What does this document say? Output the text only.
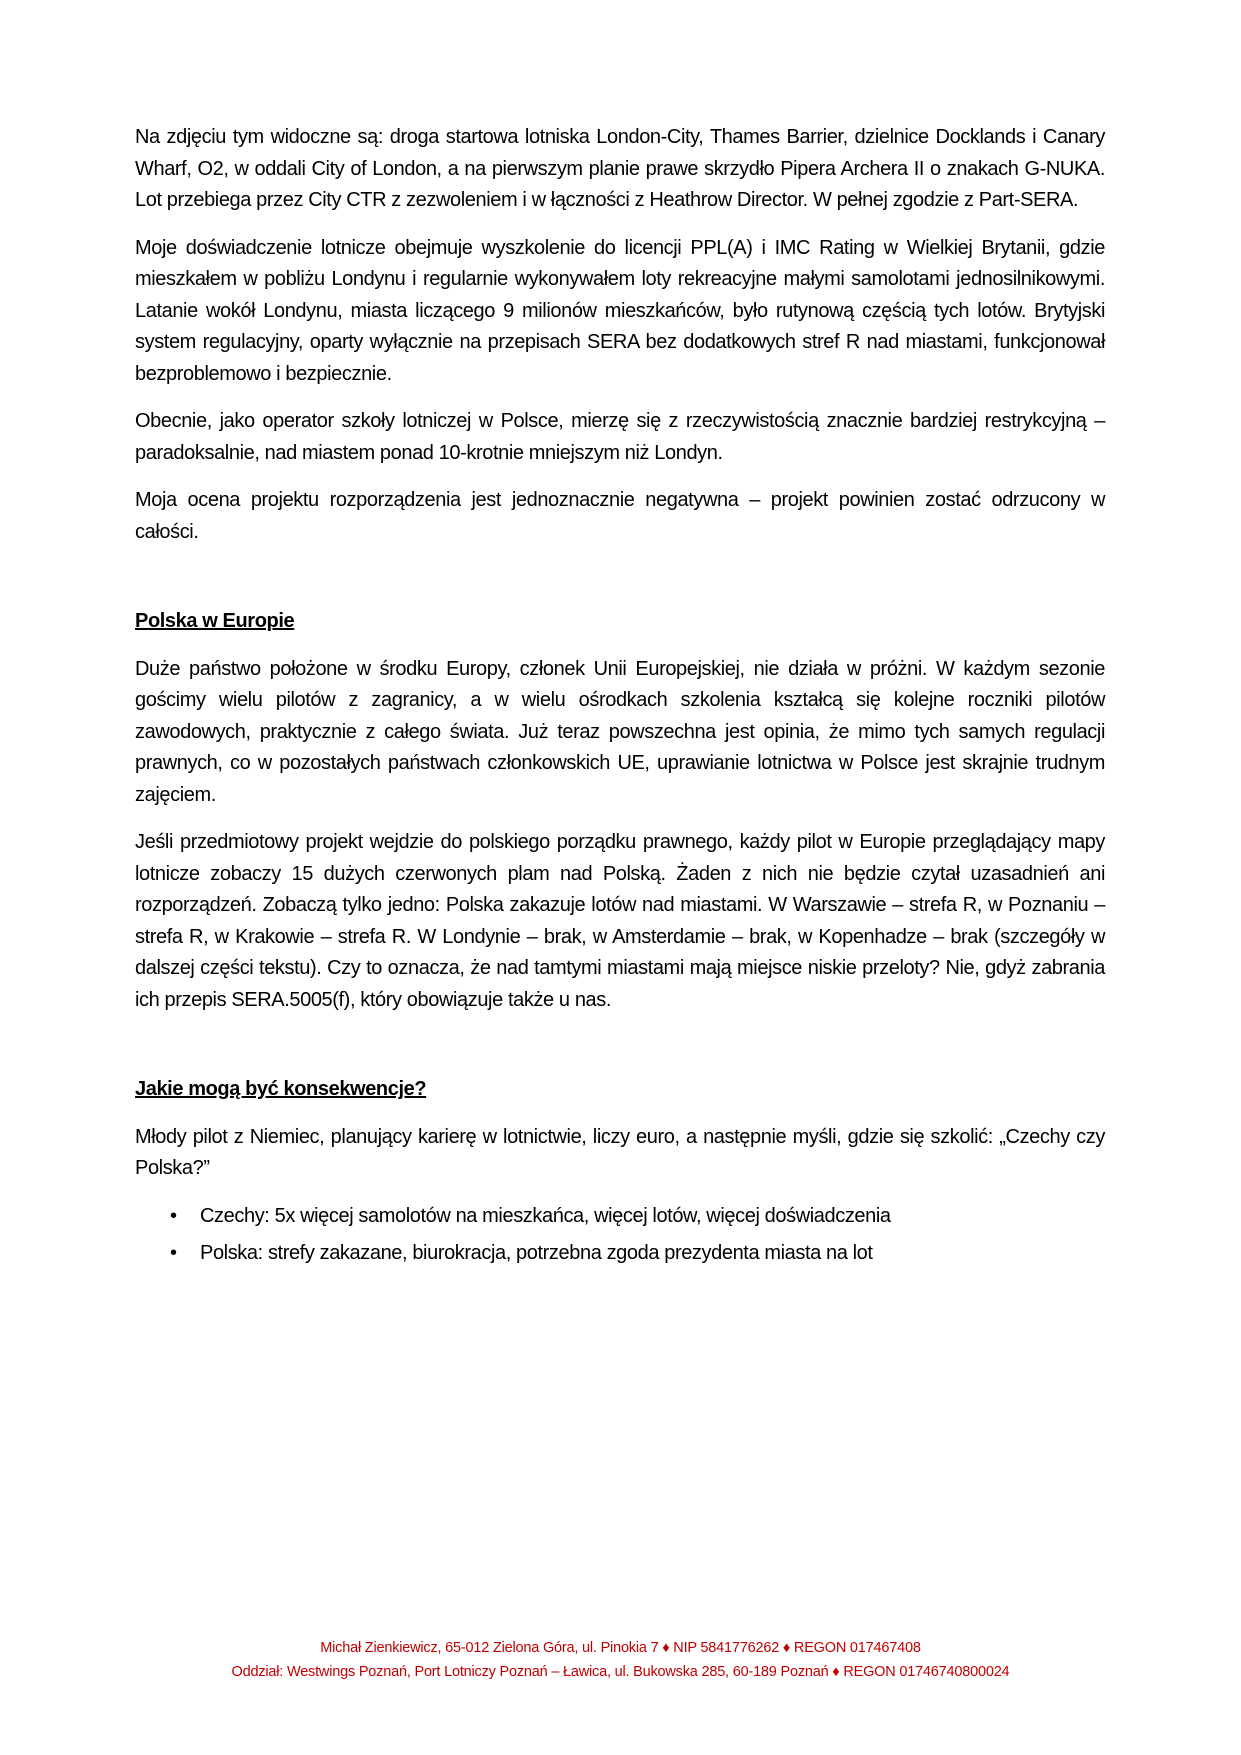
Na zdjęciu tym widoczne są: droga startowa lotniska London-City, Thames Barrier, dzielnice Docklands i Canary Wharf, O2, w oddali City of London, a na pierwszym planie prawe skrzydło Pipera Archera II o znakach G-NUKA. Lot przebiega przez City CTR z zezwoleniem i w łączności z Heathrow Director. W pełnej zgodzie z Part-SERA.

Moje doświadczenie lotnicze obejmuje wyszkolenie do licencji PPL(A) i IMC Rating w Wielkiej Brytanii, gdzie mieszkałem w pobliżu Londynu i regularnie wykonywałem loty rekreacyjne małymi samolotami jednosilnikowymi. Latanie wokół Londynu, miasta liczącego 9 milionów mieszkańców, było rutynową częścią tych lotów. Brytyjski system regulacyjny, oparty wyłącznie na przepisach SERA bez dodatkowych stref R nad miastami, funkcjonował bezproblemowo i bezpiecznie.

Obecnie, jako operator szkoły lotniczej w Polsce, mierzę się z rzeczywistością znacznie bardziej restrykcyjną – paradoksalnie, nad miastem ponad 10-krotnie mniejszym niż Londyn.

Moja ocena projektu rozporządzenia jest jednoznacznie negatywna – projekt powinien zostać odrzucony w całości.

Polska w Europie

Duże państwo położone w środku Europy, członek Unii Europejskiej, nie działa w próżni. W każdym sezonie gościmy wielu pilotów z zagranicy, a w wielu ośrodkach szkolenia kształcą się kolejne roczniki pilotów zawodowych, praktycznie z całego świata. Już teraz powszechna jest opinia, że mimo tych samych regulacji prawnych, co w pozostałych państwach członkowskich UE, uprawianie lotnictwa w Polsce jest skrajnie trudnym zajęciem.

Jeśli przedmiotowy projekt wejdzie do polskiego porządku prawnego, każdy pilot w Europie przeglądający mapy lotnicze zobaczy 15 dużych czerwonych plam nad Polską. Żaden z nich nie będzie czytał uzasadnień ani rozporządzeń. Zobaczą tylko jedno: Polska zakazuje lotów nad miastami. W Warszawie – strefa R, w Poznaniu – strefa R, w Krakowie – strefa R. W Londynie – brak, w Amsterdamie – brak, w Kopenhadze – brak (szczegóły w dalszej części tekstu). Czy to oznacza, że nad tamtymi miastami mają miejsce niskie przeloty? Nie, gdyż zabrania ich przepis SERA.5005(f), który obowiązuje także u nas.

Jakie mogą być konsekwencje?

Młody pilot z Niemiec, planujący karierę w lotnictwie, liczy euro, a następnie myśli, gdzie się szkolić: „Czechy czy Polska?”

• Czechy: 5x więcej samolotów na mieszkańca, więcej lotów, więcej doświadczenia
• Polska: strefy zakazane, biurokracja, potrzebna zgoda prezydenta miasta na lot
Michał Zienkiewicz, 65-012 Zielona Góra, ul. Pinokia 7 ♦ NIP 5841776262 ♦ REGON 017467408
Oddział: Westwings Poznań, Port Lotniczy Poznań – Ławica, ul. Bukowska 285, 60-189 Poznań ♦ REGON 01746740800024
